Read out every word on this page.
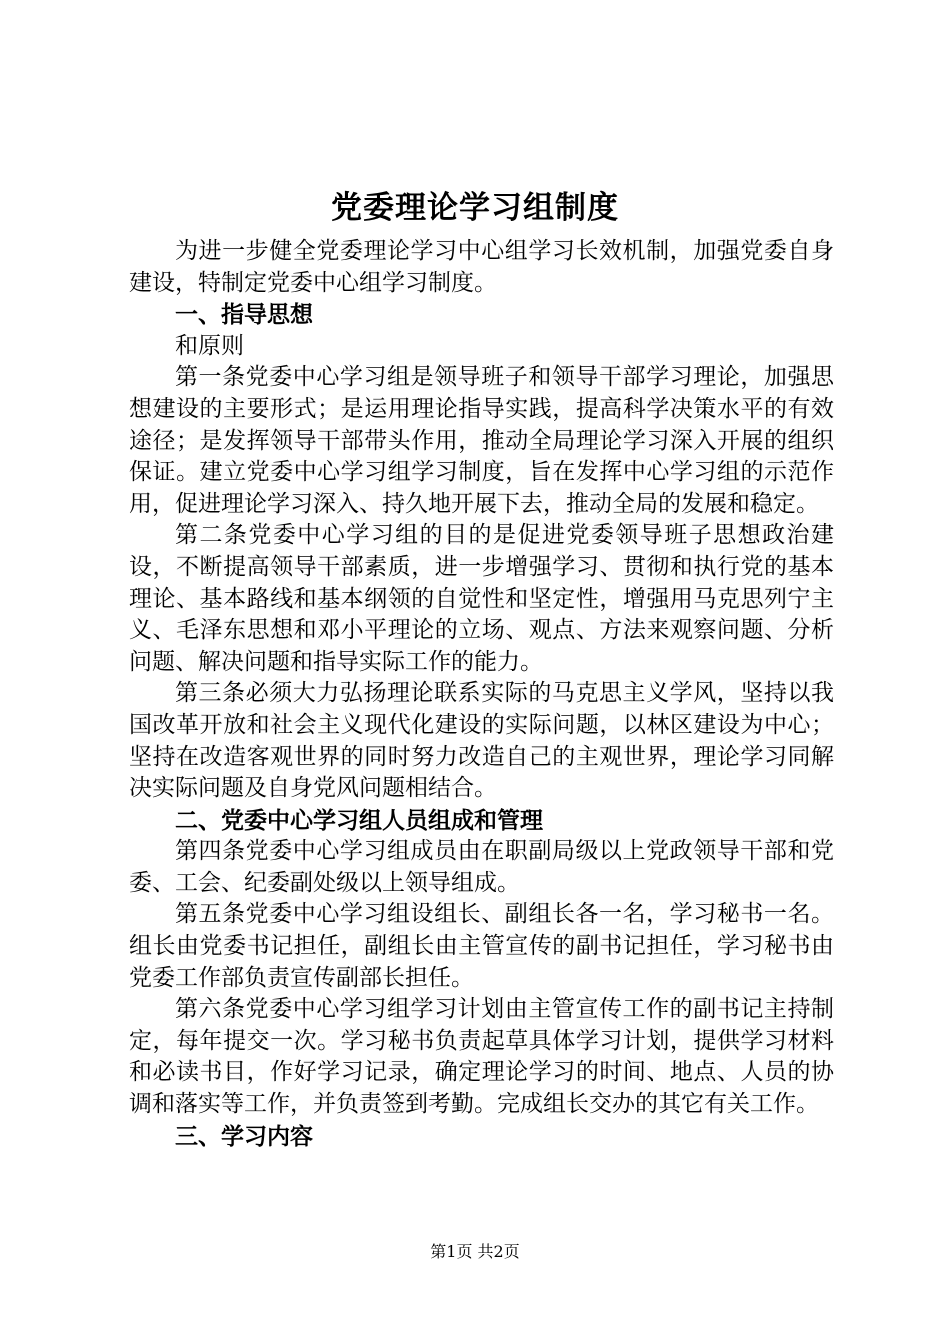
党委理论学习组制度

为进一步健全党委理论学习中心组学习长效机制，加强党委自身建设，特制定党委中心组学习制度。

一、指导思想

和原则

第一条党委中心学习组是领导班子和领导干部学习理论，加强思想建设的主要形式；是运用理论指导实践，提高科学决策水平的有效途径；是发挥领导干部带头作用，推动全局理论学习深入开展的组织保证。建立党委中心学习组学习制度，旨在发挥中心学习组的示范作用，促进理论学习深入、持久地开展下去，推动全局的发展和稳定。

第二条党委中心学习组的目的是促进党委领导班子思想政治建设，不断提高领导干部素质，进一步增强学习、贯彻和执行党的基本理论、基本路线和基本纲领的自觉性和坚定性，增强用马克思列宁主义、毛泽东思想和邓小平理论的立场、观点、方法来观察问题、分析问题、解决问题和指导实际工作的能力。

第三条必须大力弘扬理论联系实际的马克思主义学风，坚持以我国改革开放和社会主义现代化建设的实际问题，以林区建设为中心；坚持在改造客观世界的同时努力改造自己的主观世界，理论学习同解决实际问题及自身党风问题相结合。

二、党委中心学习组人员组成和管理

第四条党委中心学习组成员由在职副局级以上党政领导干部和党委、工会、纪委副处级以上领导组成。

第五条党委中心学习组设组长、副组长各一名，学习秘书一名。组长由党委书记担任，副组长由主管宣传的副书记担任，学习秘书由党委工作部负责宣传副部长担任。

第六条党委中心学习组学习计划由主管宣传工作的副书记主持制定，每年提交一次。学习秘书负责起草具体学习计划，提供学习材料和必读书目，作好学习记录，确定理论学习的时间、地点、人员的协调和落实等工作，并负责签到考勤。完成组长交办的其它有关工作。

三、学习内容

第1页 共2页
